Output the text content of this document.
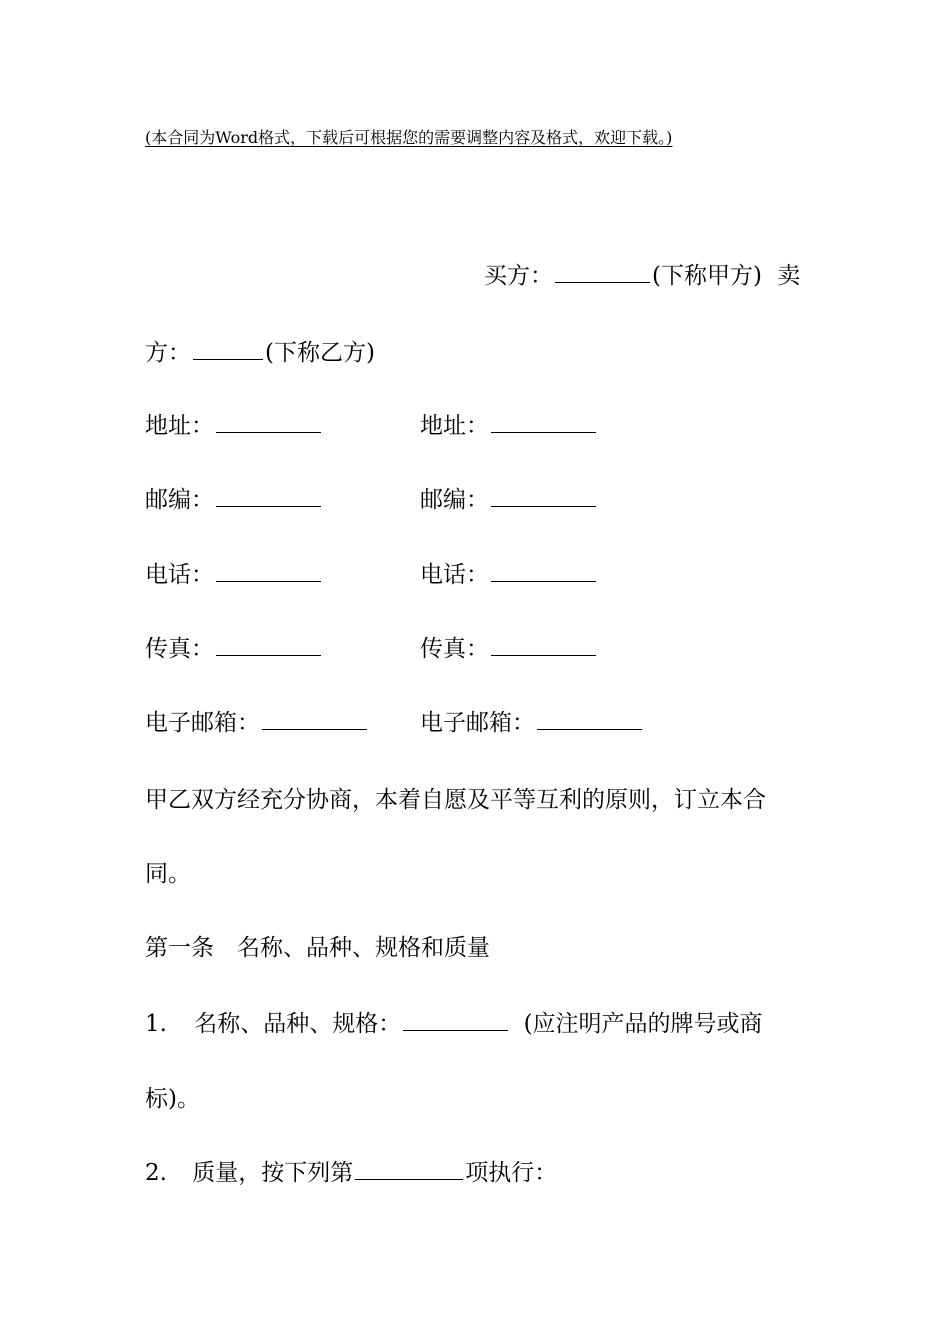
(本合同为Word格式，下载后可根据您的需要调整内容及格式，欢迎下载。)
买方：	(下称甲方) 卖
方：	(下称乙方)
地址：	地址：
邮编：	邮编：
电话：	电话：
传真：	传真：
电子邮箱：	电子邮箱：
甲乙双方经充分协商，本着自愿及平等互利的原则，订立本合
同。
第一条　名称、品种、规格和质量
1. 名称、品种、规格：	(应注明产品的牌号或商
标)。
2. 质量，按下列第	项执行：
